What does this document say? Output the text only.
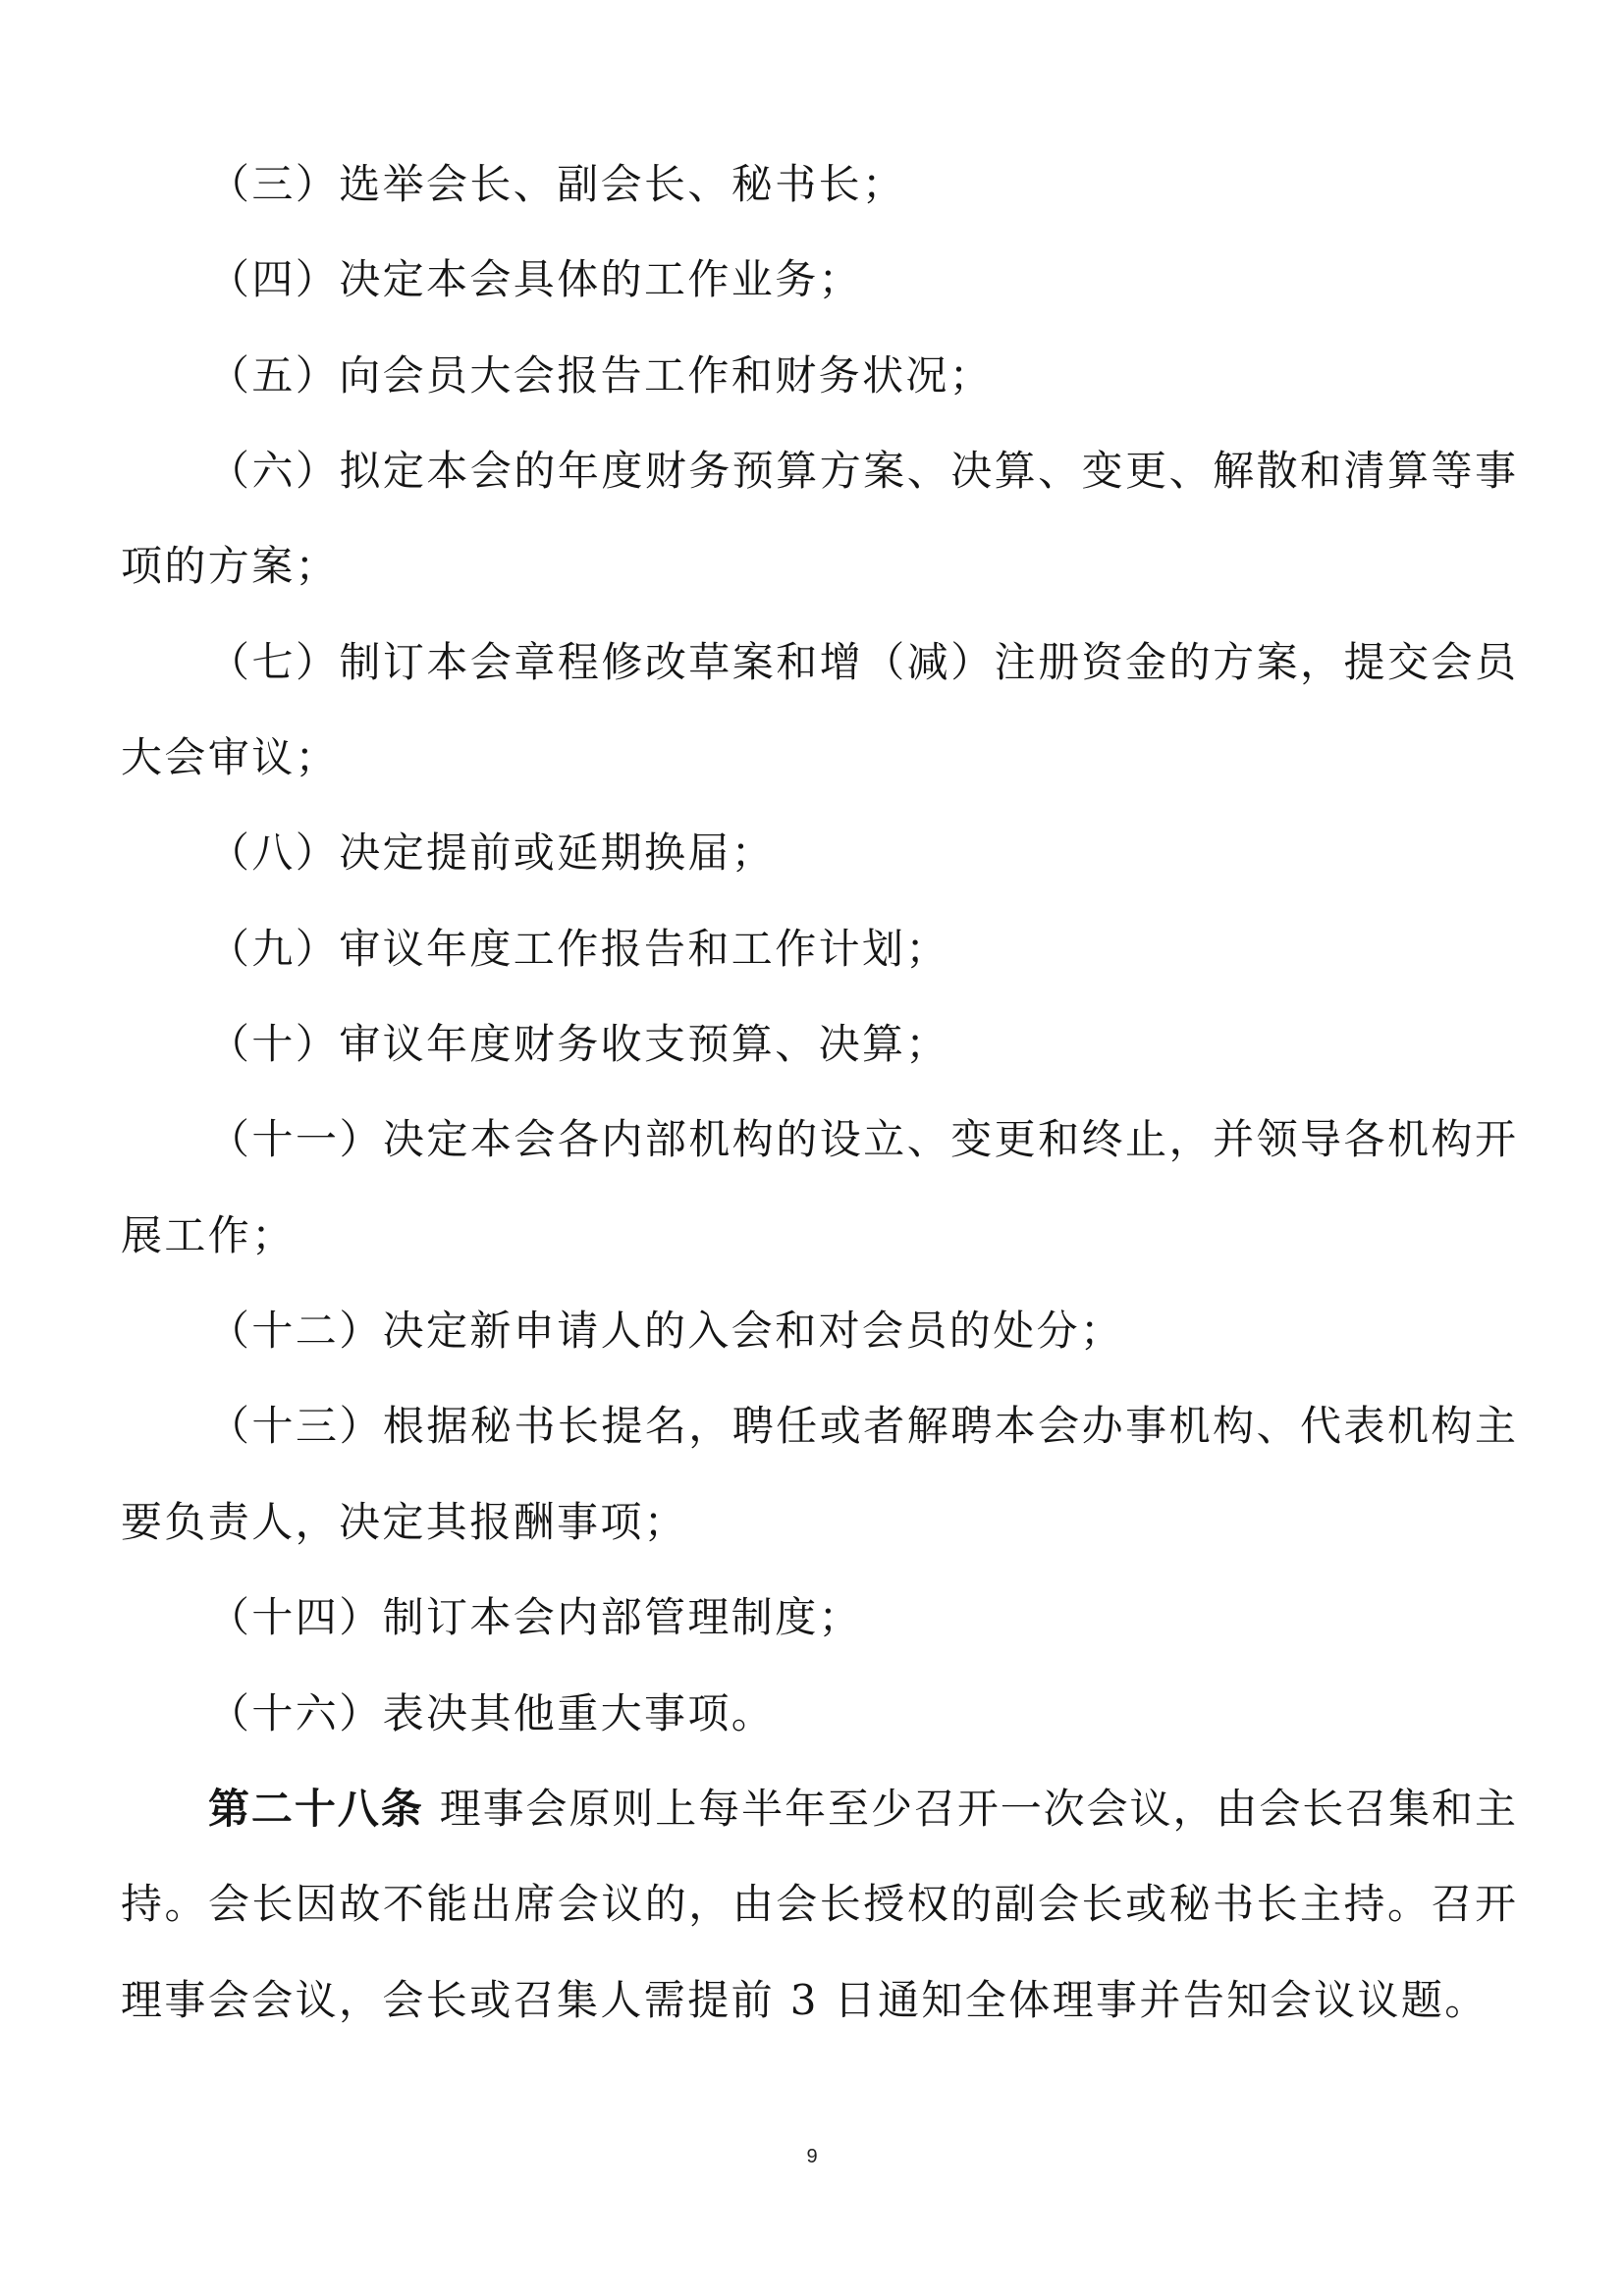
（三）选举会长、副会长、秘书长；
（四）决定本会具体的工作业务；
（五）向会员大会报告工作和财务状况；
（六）拟定本会的年度财务预算方案、决算、变更、解散和清算等事
项的方案；
（七）制订本会章程修改草案和增（减）注册资金的方案，提交会员
大会审议；
（八）决定提前或延期换届；
（九）审议年度工作报告和工作计划；
（十）审议年度财务收支预算、决算；
（十一）决定本会各内部机构的设立、变更和终止，并领导各机构开
展工作；
（十二）决定新申请人的入会和对会员的处分；
（十三）根据秘书长提名，聘任或者解聘本会办事机构、代表机构主
要负责人，决定其报酬事项；
（十四）制订本会内部管理制度；
（十六）表决其他重大事项。
第二十八条 理事会原则上每半年至少召开一次会议，由会长召集和主
持。会长因故不能出席会议的，由会长授权的副会长或秘书长主持。召开
理事会会议，会长或召集人需提前 3 日通知全体理事并告知会议议题。
9
